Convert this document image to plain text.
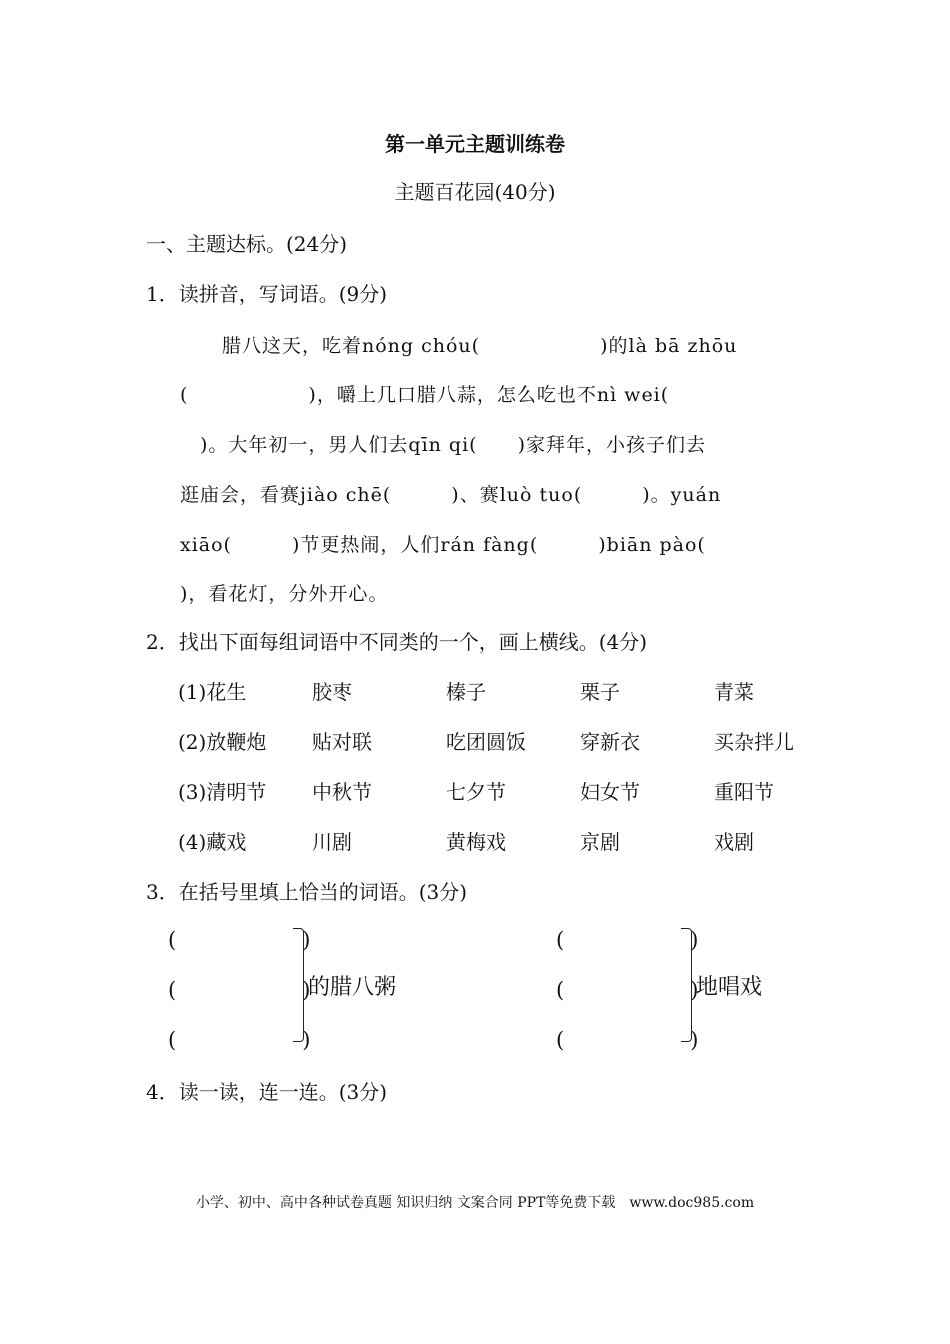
第一单元主题训练卷
主题百花园(40分)
一、主题达标。(24分)
1．读拼音，写词语。(9分)
腊八这天，吃着nóng chóu(　　　　　　)的là bā zhōu
(　　　　　　)，嚼上几口腊八蒜，怎么吃也不nì wei(
　)。大年初一，男人们去qīn qi(　　)家拜年，小孩子们去
逛庙会，看赛jiào chē(　　　)、赛luò tuo(　　　)。yuán
xiāo(　　　)节更热闹，人们rán fàng(　　　)biān pào(
)，看花灯，分外开心。
2．找出下面每组词语中不同类的一个，画上横线。(4分)
(1)花生	胶枣	榛子	栗子	青菜
(2)放鞭炮 贴对联	吃团圆饭	穿新衣	买杂拌儿
(3)清明节 中秋节	七夕节	妇女节	重阳节
(4)藏戏	川剧	黄梅戏	京剧	戏剧
3．在括号里填上恰当的词语。(3分)
(　　　　　　)
(　　　　　　)
(　　　　　　)
的腊八粥
(　　　　　　)
(　　　　　　)
(　　　　　　)
地唱戏
4．读一读，连一连。(3分)
小学、初中、高中各种试卷真题 知识归纳 文案合同 PPT等免费下载　www.doc985.com
